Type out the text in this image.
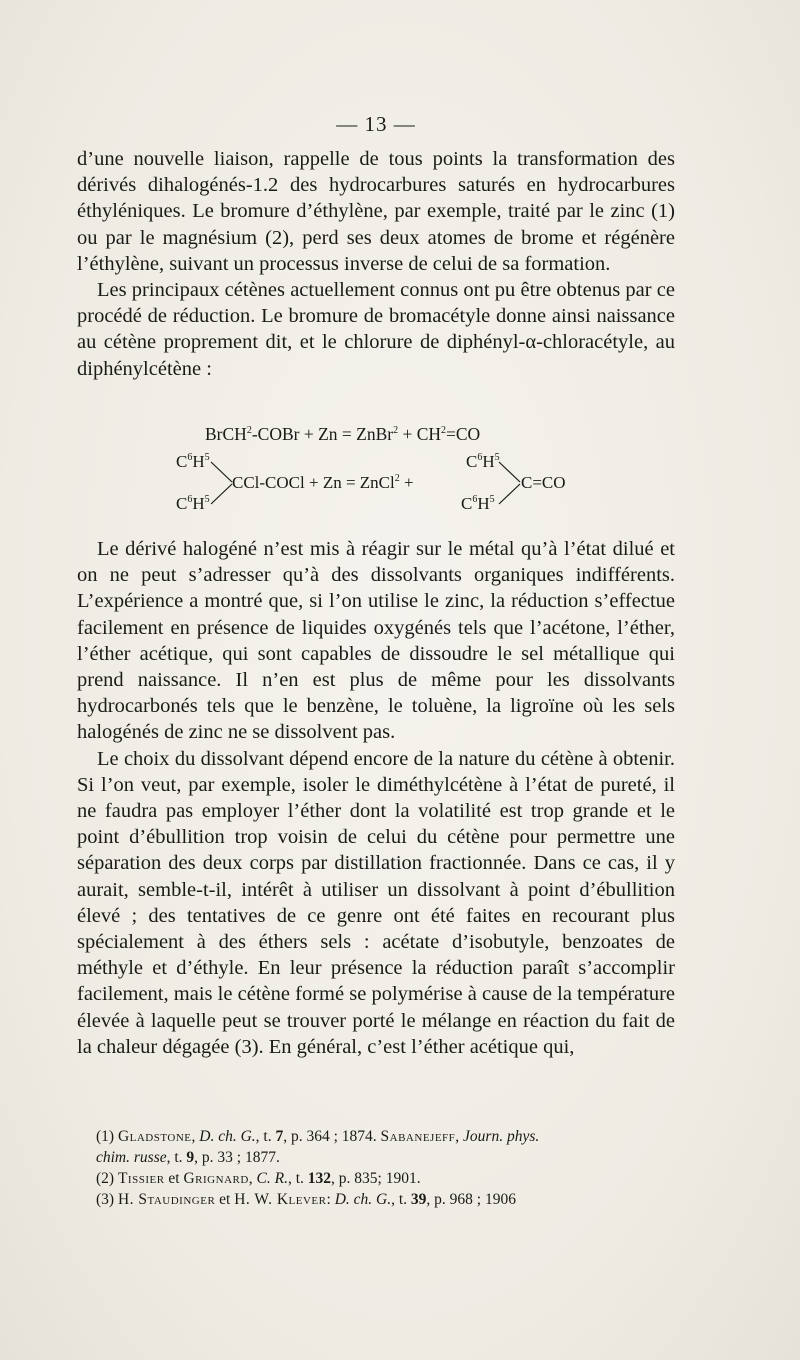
— 13 —

d’une nouvelle liaison, rappelle de tous points la transformation des dérivés dihalogénés-1.2 des hydrocarbures saturés en hydrocarbures éthyléniques. Le bromure d’éthylène, par exemple, traité par le zinc (1) ou par le magnésium (2), perd ses deux atomes de brome et régénère l’éthylène, suivant un processus inverse de celui de sa formation.

Les principaux cétènes actuellement connus ont pu être obtenus par ce procédé de réduction. Le bromure de bromacétyle donne ainsi naissance au cétène proprement dit, et le chlorure de diphényl-α-chloracétyle, au diphénylcétène :

BrCH$^2$-COBr + Zn = ZnBr$^2$ + $CH^2=CO$
$C^6H^5$
$C^6H^5$
CCl-COCl + Zn = ZnCl$^2$ +
$C^6H^5$
$C^6H^5$
C=CO

Le dérivé halogéné n’est mis à réagir sur le métal qu’à l’état dilué et on ne peut s’adresser qu’à des dissolvants organiques indifférents. L’expérience a montré que, si l’on utilise le zinc, la réduction s’effectue facilement en présence de liquides oxygénés tels que l’acétone, l’éther, l’éther acétique, qui sont capables de dissoudre le sel métallique qui prend naissance. Il n’en est plus de même pour les dissolvants hydrocarbonés tels que le benzène, le toluène, la ligroïne où les sels halogénés de zinc ne se dissolvent pas.

Le choix du dissolvant dépend encore de la nature du cétène à obtenir. Si l’on veut, par exemple, isoler le diméthylcétène à l’état de pureté, il ne faudra pas employer l’éther dont la volatilité est trop grande et le point d’ébullition trop voisin de celui du cétène pour permettre une séparation des deux corps par distillation fractionnée. Dans ce cas, il y aurait, semble-t-il, intérêt à utiliser un dissolvant à point d’ébullition élevé ; des tentatives de ce genre ont été faites en recourant plus spécialement à des éthers sels : acétate d’isobutyle, benzoates de méthyle et d’éthyle. En leur présence la réduction paraît s’accomplir facilement, mais le cétène formé se polymérise à cause de la température élevée à laquelle peut se trouver porté le mélange en réaction du fait de la chaleur dégagée (3). En général, c’est l’éther acétique qui,

(1) Gladstone, D. ch. G., t. 7, p. 364 ; 1874. Sabanejeff, Journ. phys.
chim. russe, t. 9, p. 33 ; 1877.
(2) Tissier et Grignard, C. R., t. 132, p. 835; 1901.
(3) H. Staudinger et H. W. Klever: D. ch. G., t. 39, p. 968 ; 1906
